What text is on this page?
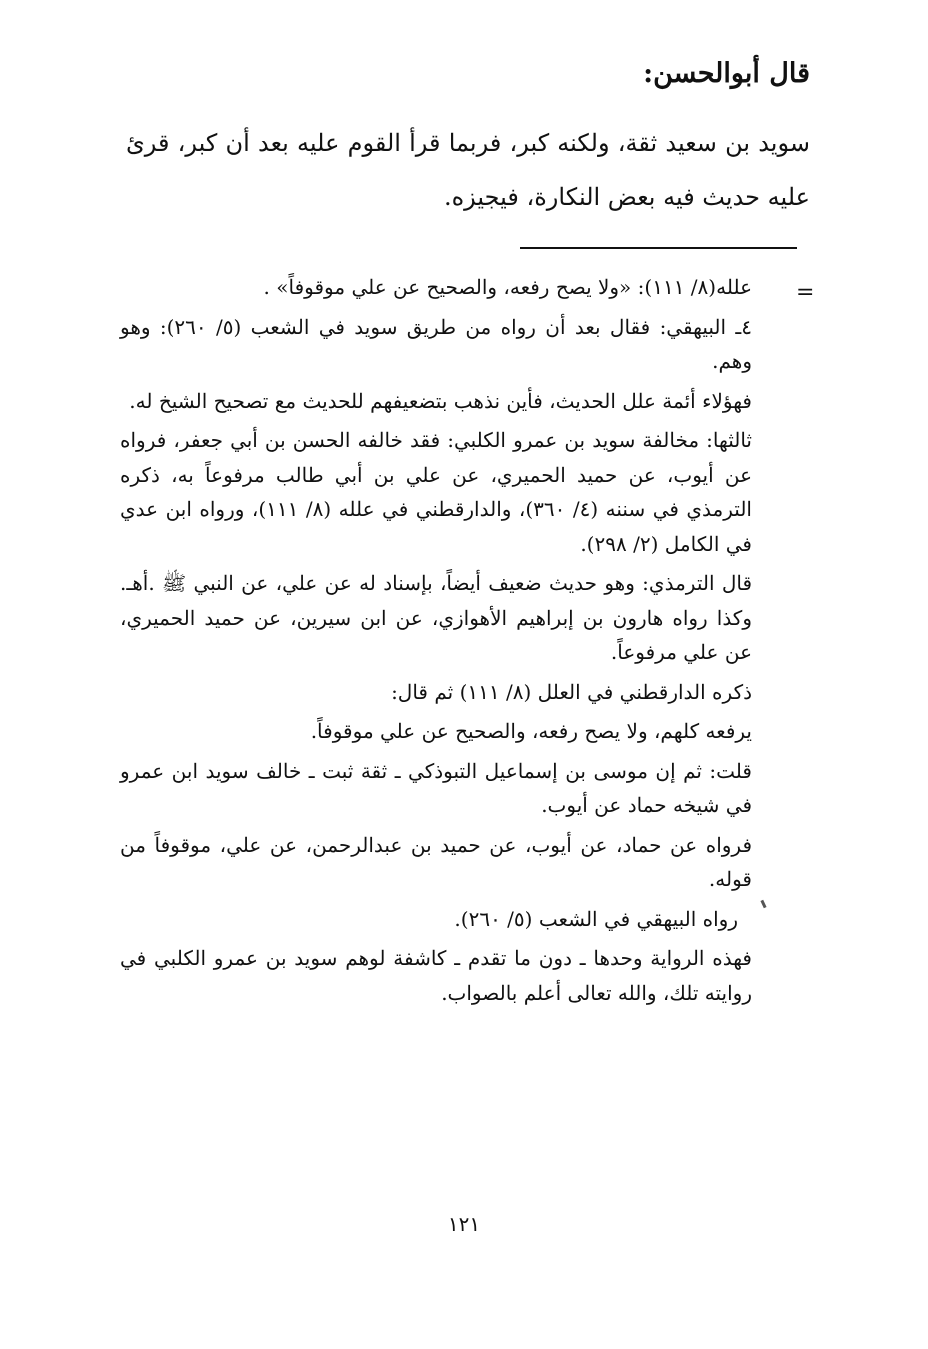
قال أبوالحسن:

سويد بن سعيد ثقة، ولكنه كبر، فربما قرأ القوم عليه بعد أن كبر، قرئ عليه حديث فيه بعض النكارة، فيجيزه.

=

علله(٨/ ١١١): «ولا يصح رفعه، والصحيح عن علي موقوفاً» .

٤ـ البيهقي: فقال بعد أن رواه من طريق سويد في الشعب (٥/ ٢٦٠): وهو وهم.

فهؤلاء أئمة علل الحديث، فأين نذهب بتضعيفهم للحديث مع تصحيح الشيخ له.

ثالثها: مخالفة سويد بن عمرو الكلبي: فقد خالفه الحسن بن أبي جعفر، فرواه عن أيوب، عن حميد الحميري، عن علي بن أبي طالب مرفوعاً به، ذكره الترمذي في سننه (٤/ ٣٦٠)، والدارقطني في علله (٨/ ١١١)، ورواه ابن عدي في الكامل (٢/ ٢٩٨).

قال الترمذي: وهو حديث ضعيف أيضاً، بإسناد له عن علي، عن النبي ﷺ .أهـ. وكذا رواه هارون بن إبراهيم الأهوازي، عن ابن سيرين، عن حميد الحميري، عن علي مرفوعاً.

ذكره الدارقطني في العلل (٨/ ١١١) ثم قال:

يرفعه كلهم، ولا يصح رفعه، والصحيح عن علي موقوفاً.

قلت: ثم إن موسى بن إسماعيل التبوذكي ـ ثقة ثبت ـ خالف سويد ابن عمرو في شيخه حماد عن أيوب.

فرواه عن حماد، عن أيوب، عن حميد بن عبدالرحمن، عن علي، موقوفاً من قوله.

رواه البيهقي في الشعب (٥/ ٢٦٠).

فهذه الرواية وحدها ـ دون ما تقدم ـ كاشفة لوهم سويد بن عمرو الكلبي في روايته تلك، والله تعالى أعلم بالصواب.

١٢١
